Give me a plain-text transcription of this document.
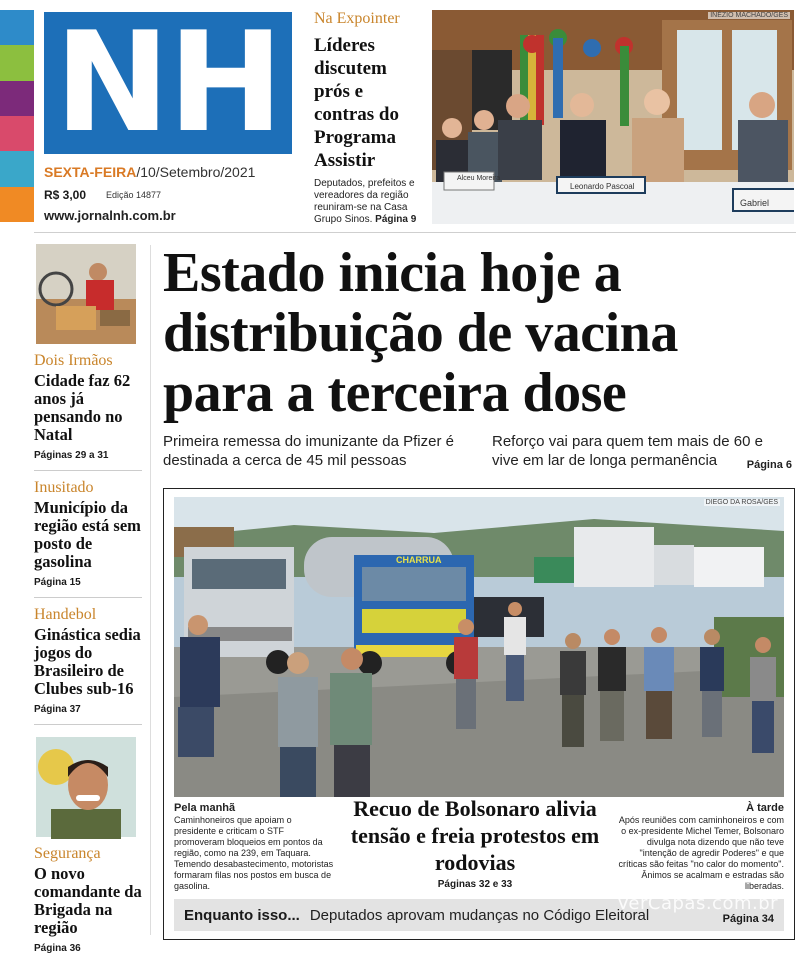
NH
SEXTA-FEIRA/10/Setembro/2021
R$ 3,00 Edição 14877
www.jornalnh.com.br
Na Expointer
Líderes discutem prós e contras do Programa Assistir
Deputados, prefeitos e vereadores da região reuniram-se na Casa Grupo Sinos. Página 9
INÉZIO MACHADO/GES
Alceu Moreira
Leonardo Pascoal
Gabriel
Dois Irmãos
Cidade faz 62 anos já pensando no Natal
Páginas 29 a 31
Inusitado
Município da região está sem posto de gasolina
Página 15
Handebol
Ginástica sedia jogos do Brasileiro de Clubes sub-16
Página 37
Segurança
O novo comandante da Brigada na região
Página 36
Estado inicia hoje a distribuição de vacina para a terceira dose

Primeira remessa do imunizante da Pfizer é destinada a cerca de 45 mil pessoas

Reforço vai para quem tem mais de 60 e vive em lar de longa permanência	Página 6

CHARRUA
DIEGO DA ROSA/GES
Pela manhã
Caminhoneiros que apoiam o presidente e criticam o STF promoveram bloqueios em pontos da região, como na 239, em Taquara. Temendo desabastecimento, motoristas formaram filas nos postos em busca de gasolina.
Recuo de Bolsonaro alivia tensão e freia protestos em rodovias
Páginas 32 e 33
À tarde
Após reuniões com caminhoneiros e com o ex-presidente Michel Temer, Bolsonaro divulga nota dizendo que não teve "intenção de agredir Poderes" e que críticas são feitas "no calor do momento". Ânimos se acalmam e estradas são liberadas.
Enquanto isso... Deputados aprovam mudanças no Código Eleitoral	Página 34
VerCapas.com.br
